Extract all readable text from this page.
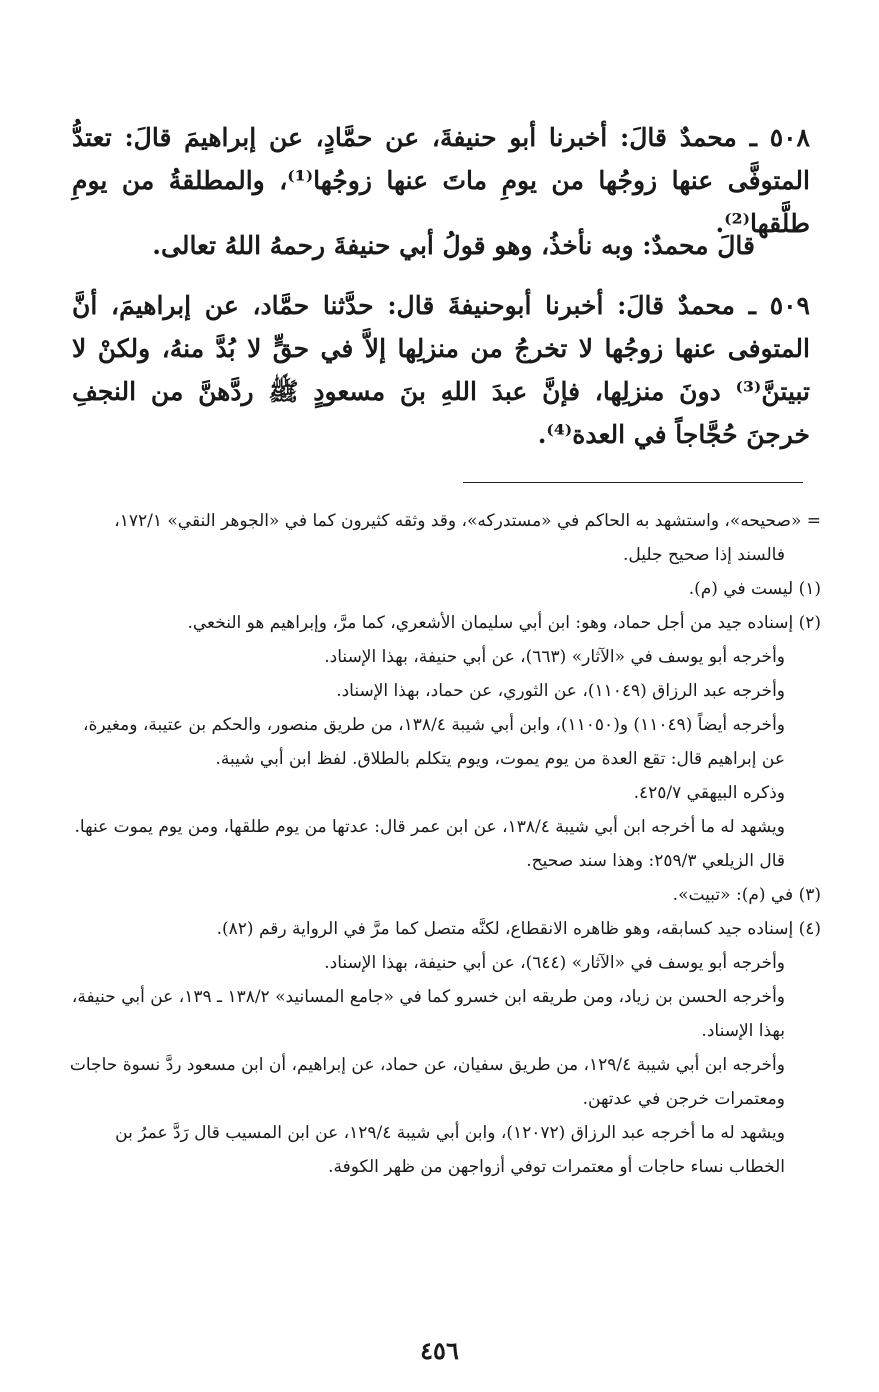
٥٠٨ ـ محمدٌ قالَ: أخبرنا أبو حنيفةَ، عن حمَّادٍ، عن إبراهيمَ قالَ: تعتدُّ المتوفَّى عنها زوجُها من يومِ ماتَ عنها زوجُها⁽¹⁾، والمطلقةُ من يومِ طلَّقها⁽²⁾.

قالَ محمدٌ: وبه نأخذُ، وهو قولُ أبي حنيفةَ رحمهُ اللهُ تعالى.

٥٠٩ ـ محمدٌ قالَ: أخبرنا أبوحنيفةَ قال: حدَّثنا حمَّاد، عن إبراهيمَ، أنَّ المتوفى عنها زوجُها لا تخرجُ من منزلِها إلاَّ في حقٍّ لا بُدَّ منهُ، ولكنْ لا تبيتنَّ⁽³⁾ دونَ منزلِها، فإنَّ عبدَ اللهِ بنَ مسعودٍ ﷺ ردَّهنَّ من النجفِ خرجنَ حُجَّاجاً في العدة⁽⁴⁾.

= «صحيحه»، واستشهد به الحاكم في «مستدركه»، وقد وثقه كثيرون كما في «الجوهر النقي» ١٧٢/١، فالسند إذا صحيح جليل.

(١) ليست في (م).

(٢) إسناده جيد من أجل حماد، وهو: ابن أبي سليمان الأشعري، كما مرَّ، وإبراهيم هو النخعي.

وأخرجه أبو يوسف في «الآثار» (٦٦٣)، عن أبي حنيفة، بهذا الإسناد.

وأخرجه عبد الرزاق (١١٠٤٩)، عن الثوري، عن حماد، بهذا الإسناد.

وأخرجه أيضاً (١١٠٤٩) و(١١٠٥٠)، وابن أبي شيبة ١٣٨/٤، من طريق منصور، والحكم بن عتيبة، ومغيرة، عن إبراهيم قال: تقع العدة من يوم يموت، ويوم يتكلم بالطلاق. لفظ ابن أبي شيبة.

وذكره البيهقي ٤٢٥/٧.

ويشهد له ما أخرجه ابن أبي شيبة ١٣٨/٤، عن ابن عمر قال: عدتها من يوم طلقها، ومن يوم يموت عنها. قال الزيلعي ٢٥٩/٣: وهذا سند صحيح.

(٣) في (م): «تبيت».

(٤) إسناده جيد كسابقه، وهو ظاهره الانقطاع، لكنَّه متصل كما مرَّ في الرواية رقم (٨٢).

وأخرجه أبو يوسف في «الآثار» (٦٤٤)، عن أبي حنيفة، بهذا الإسناد.

وأخرجه الحسن بن زياد، ومن طريقه ابن خسرو كما في «جامع المسانيد» ١٣٨/٢ ـ ١٣٩، عن أبي حنيفة، بهذا الإسناد.

وأخرجه ابن أبي شيبة ١٢٩/٤، من طريق سفيان، عن حماد، عن إبراهيم، أن ابن مسعود ردَّ نسوة حاجات ومعتمرات خرجن في عدتهن.

ويشهد له ما أخرجه عبد الرزاق (١٢٠٧٢)، وابن أبي شيبة ١٢٩/٤، عن ابن المسيب قال رَدَّ عمرُ بن الخطاب نساء حاجات أو معتمرات توفي أزواجهن من ظهر الكوفة.

٤٥٦
